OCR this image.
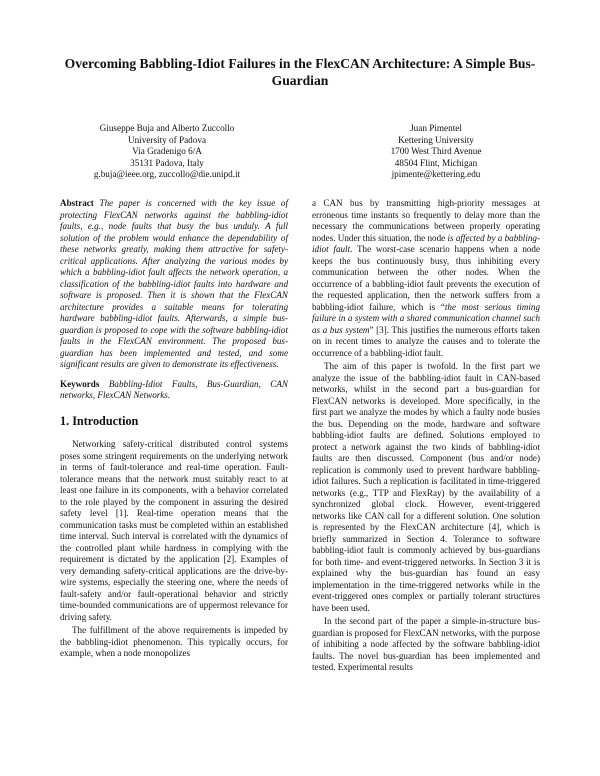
Overcoming Babbling-Idiot Failures in the FlexCAN Architecture: A Simple Bus-Guardian
Giuseppe Buja and Alberto Zuccollo
University of Padova
Via Gradenigo 6/A
35131 Padova, Italy
g.buja@ieee.org, zuccollo@die.unipd.it
Juan Pimentel
Kettering University
1700 West Third Avenue
48504 Flint, Michigan
jpimente@kettering.edu

Abstract The paper is concerned with the key issue of protecting FlexCAN networks against the babbling-idiot faults, e.g., node faults that busy the bus unduly. A full solution of the problem would enhance the dependability of these networks greatly, making them attractive for safety-critical applications. After analyzing the various modes by which a babbling-idiot fault affects the network operation, a classification of the babbling-idiot faults into hardware and software is proposed. Then it is shown that the FlexCAN architecture provides a suitable means for tolerating hardware babbling-idiot faults. Afterwards, a simple bus-guardian is proposed to cope with the software babbling-idiot faults in the FlexCAN environment. The proposed bus-guardian has been implemented and tested, and some significant results are given to demonstrate its effectiveness.

Keywords Babbling-Idiot Faults, Bus-Guardian, CAN networks, FlexCAN Networks.

1. Introduction

Networking safety-critical distributed control systems poses some stringent requirements on the underlying network in terms of fault-tolerance and real-time operation. Fault-tolerance means that the network must suitably react to at least one failure in its components, with a behavior correlated to the role played by the component in assuring the desired safety level [1]. Real-time operation means that the communication tasks must be completed within an established time interval. Such interval is correlated with the dynamics of the controlled plant while hardness in complying with the requirement is dictated by the application [2]. Examples of very demanding safety-critical applications are the drive-by-wire systems, especially the steering one, where the needs of fault-safety and/or fault-operational behavior and strictly time-bounded communications are of uppermost relevance for driving safety.

The fulfillment of the above requirements is impeded by the babbling-idiot phenomenon. This typically occurs, for example, when a node monopolizes

a CAN bus by transmitting high-priority messages at erroneous time instants so frequently to delay more than the necessary the communications between properly operating nodes. Under this situation, the node is affected by a babbling-idiot fault. The worst-case scenario happens when a node keeps the bus continuously busy, thus inhibiting every communication between the other nodes. When the occurrence of a babbling-idiot fault prevents the execution of the requested application, then the network suffers from a babbling-idiot failure, which is “the most serious timing failure in a system with a shared communication channel such as a bus system” [3]. This justifies the numerous efforts taken on in recent times to analyze the causes and to tolerate the occurrence of a babbling-idiot fault.

The aim of this paper is twofold. In the first part we analyze the issue of the babbling-idiot fault in CAN-based networks, whilst in the second part a bus-guardian for FlexCAN networks is developed. More specifically, in the first part we analyze the modes by which a faulty node busies the bus. Depending on the mode, hardware and software babbling-idiot faults are defined. Solutions employed to protect a network against the two kinds of babbling-idiot faults are then discussed. Component (bus and/or node) replication is commonly used to prevent hardware babbling-idiot failures. Such a replication is facilitated in time-triggered networks (e.g., TTP and FlexRay) by the availability of a synchronized global clock. However, event-triggered networks like CAN call for a different solution. One solution is represented by the FlexCAN architecture [4], which is briefly summarized in Section 4. Tolerance to software babbling-idiot fault is commonly achieved by bus-guardians for both time- and event-triggered networks. In Section 3 it is explained why the bus-guardian has found an easy implementation in the time-triggered networks while in the event-triggered ones complex or partially tolerant structures have been used.

In the second part of the paper a simple-in-structure bus-guardian is proposed for FlexCAN networks, with the purpose of inhibiting a node affected by the software babbling-idiot faults. The novel bus-guardian has been implemented and tested. Experimental results
